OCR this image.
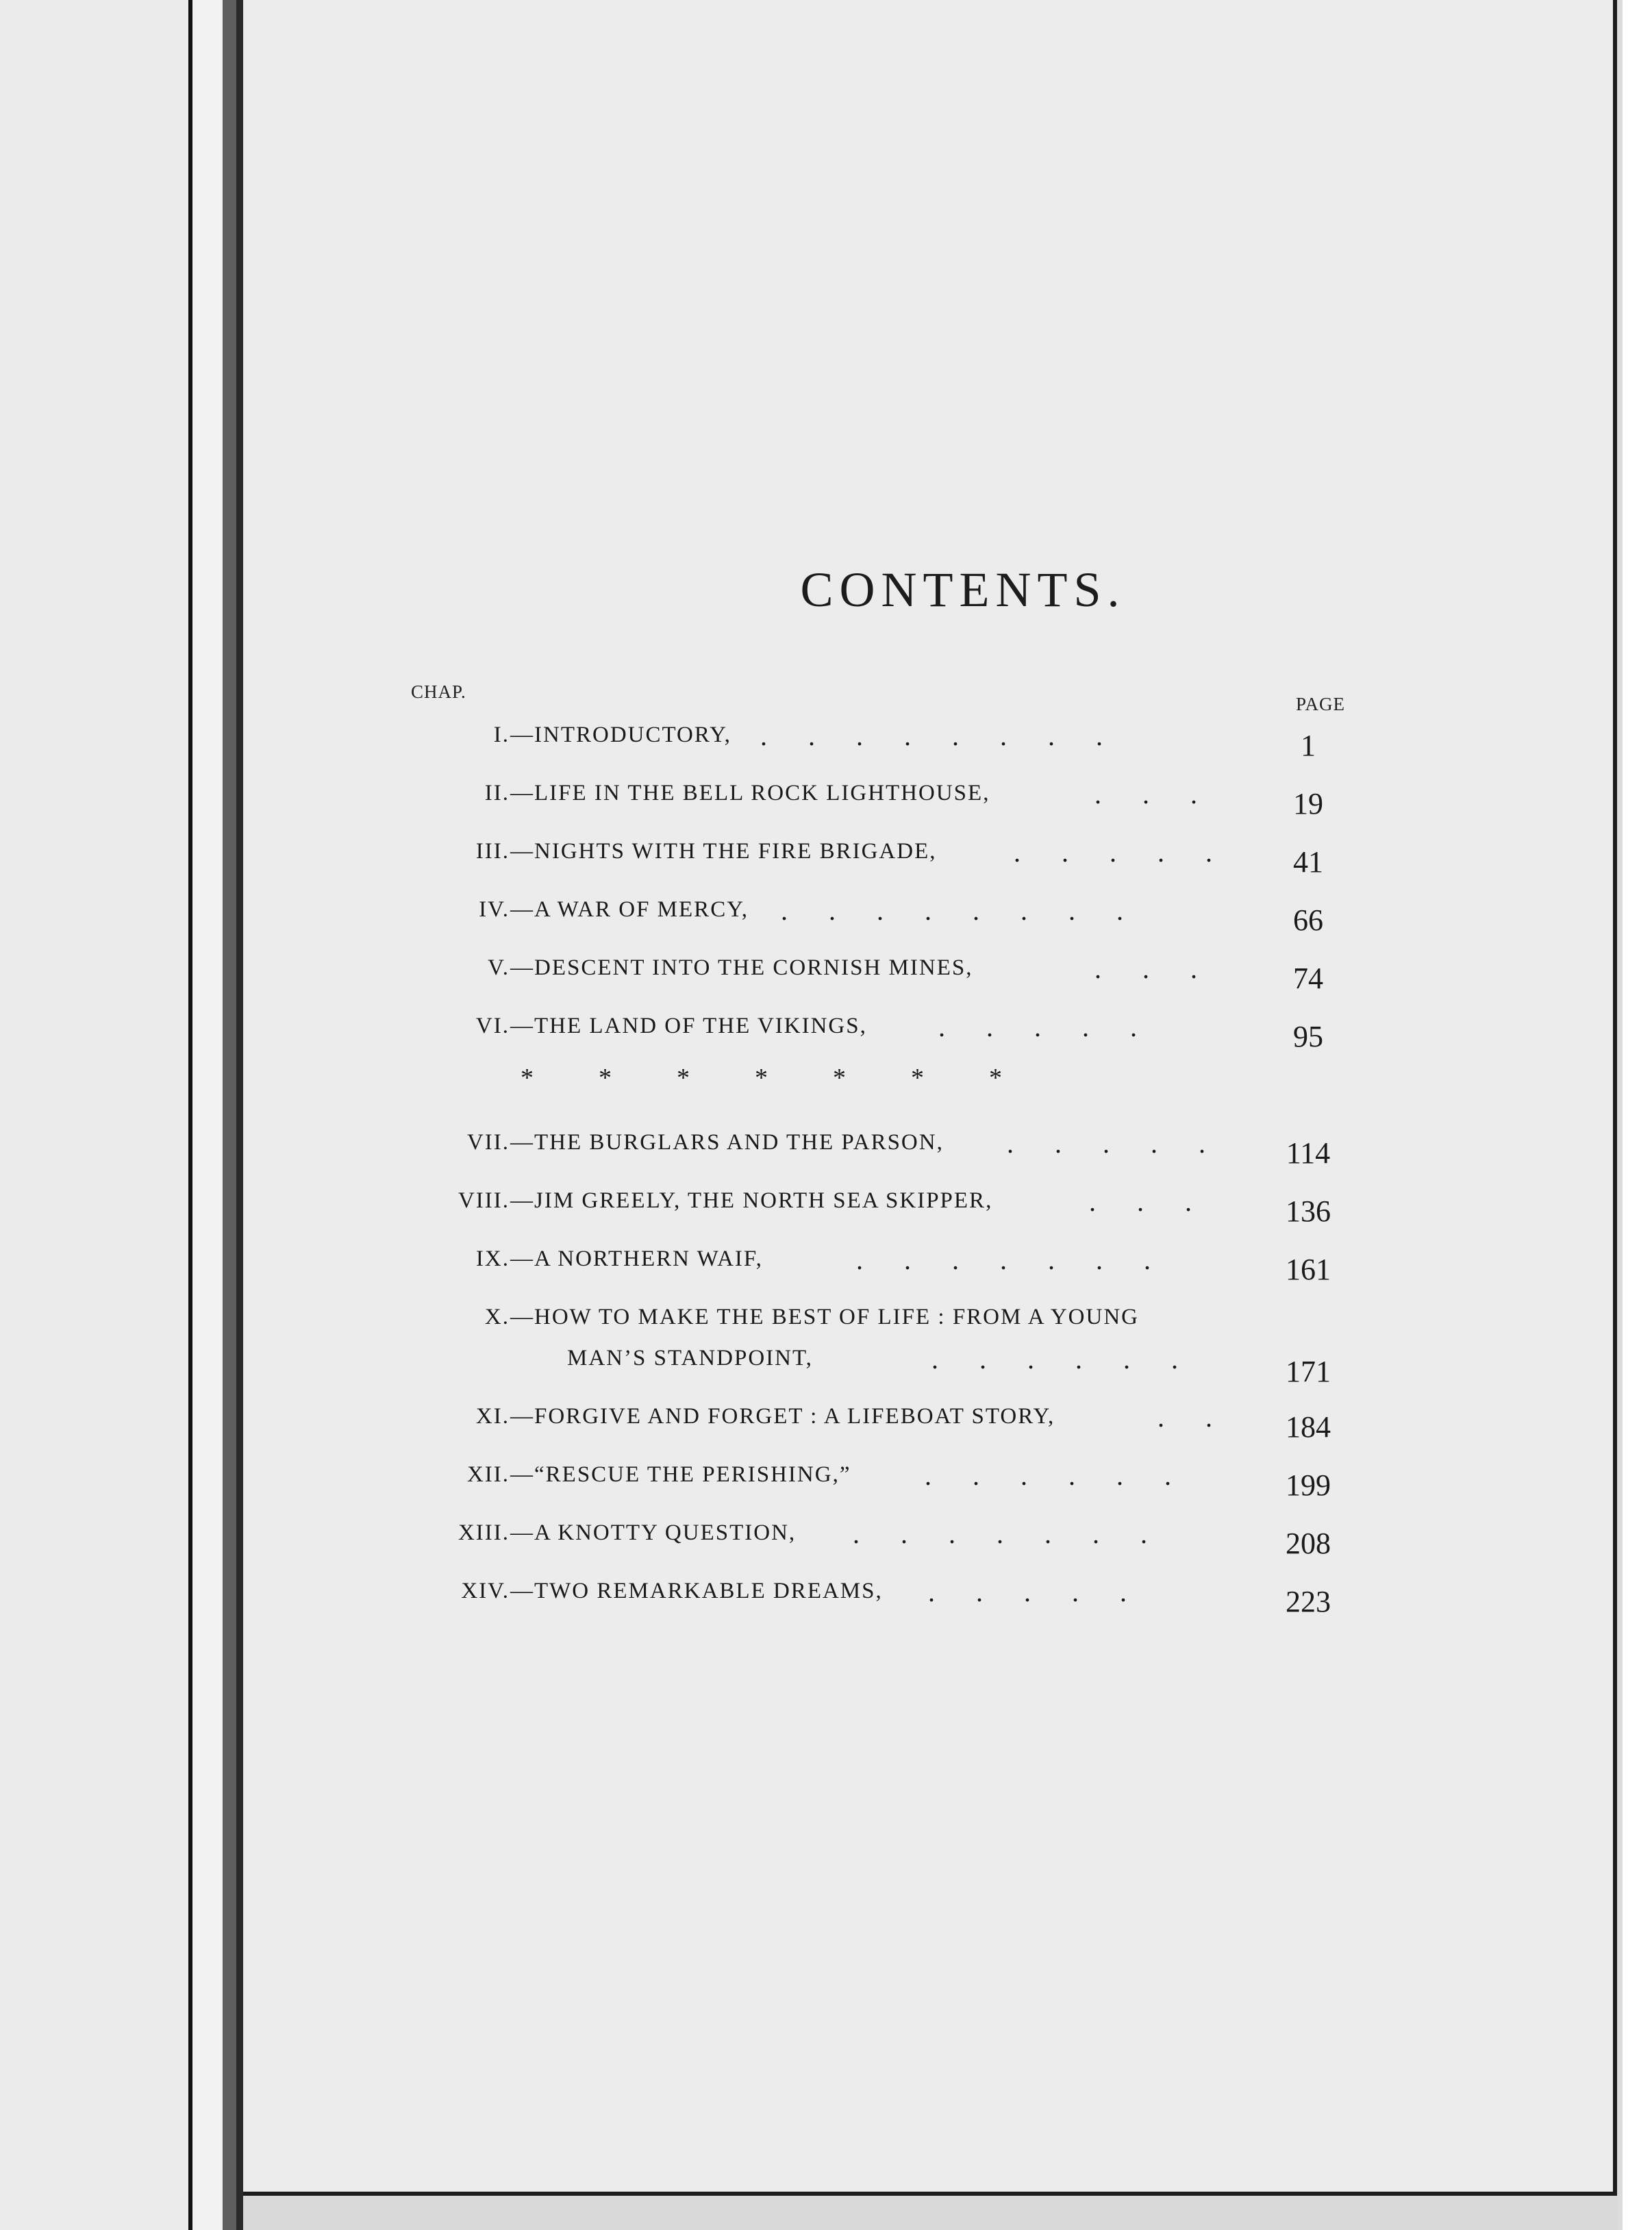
CONTENTS.
CHAP.
PAGE
I. —INTRODUCTORY, .      .      .      .      .      .      .      .	1
II. —LIFE IN THE BELL ROCK LIGHTHOUSE,	.      .      .	19
III. —NIGHTS WITH THE FIRE BRIGADE,	.      .      .      .      .	41
IV. —A WAR OF MERCY, .      .      .      .      .      .      .      .	66
V. —DESCENT INTO THE CORNISH MINES,	.      .      .	74
VI. —THE LAND OF THE VIKINGS,	.      .      .      .      .	95
*          *          *          *          *          *          *
VII. —THE BURGLARS AND THE PARSON, .      .      .      .      .	114
VIII. —JIM GREELY, THE NORTH SEA SKIPPER,	.      .      .	136
IX. —A NORTHERN WAIF,	.      .      .      .      .      .      .	161
X. —HOW TO MAKE THE BEST OF LIFE : FROM A YOUNG
MAN’S STANDPOINT,	.      .      .      .      .      .	171
XI. —FORGIVE AND FORGET : A LIFEBOAT STORY,	.      .	184
XII. —“RESCUE THE PERISHING,”	.      .      .      .      .      .	199
XIII. —A KNOTTY QUESTION, .      .      .      .      .      .      .	208
XIV. —TWO REMARKABLE DREAMS, .      .      .      .      .	223
